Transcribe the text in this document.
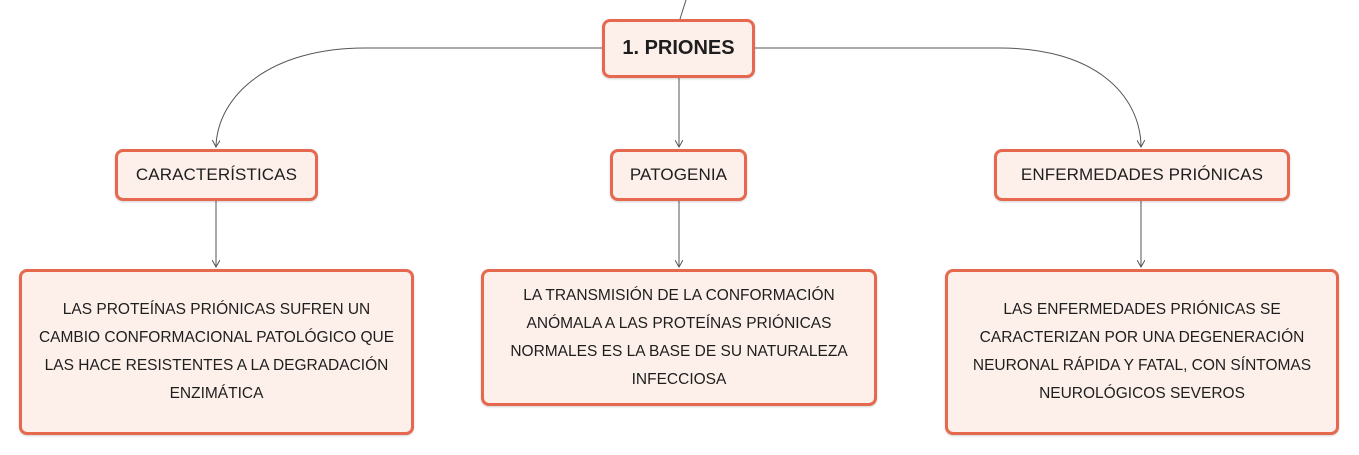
1. PRIONES
CARACTERÍSTICAS	PATOGENIA	ENFERMEDADES PRIÓNICAS
LAS PROTEÍNAS PRIÓNICAS SUFREN UN CAMBIO CONFORMACIONAL PATOLÓGICO QUE LAS HACE RESISTENTES A LA DEGRADACIÓN ENZIMÁTICA
LA TRANSMISIÓN DE LA CONFORMACIÓN ANÓMALA A LAS PROTEÍNAS PRIÓNICAS NORMALES ES LA BASE DE SU NATURALEZA INFECCIOSA
LAS ENFERMEDADES PRIÓNICAS SE CARACTERIZAN POR UNA DEGENERACIÓN NEURONAL RÁPIDA Y FATAL, CON SÍNTOMAS NEUROLÓGICOS SEVEROS
